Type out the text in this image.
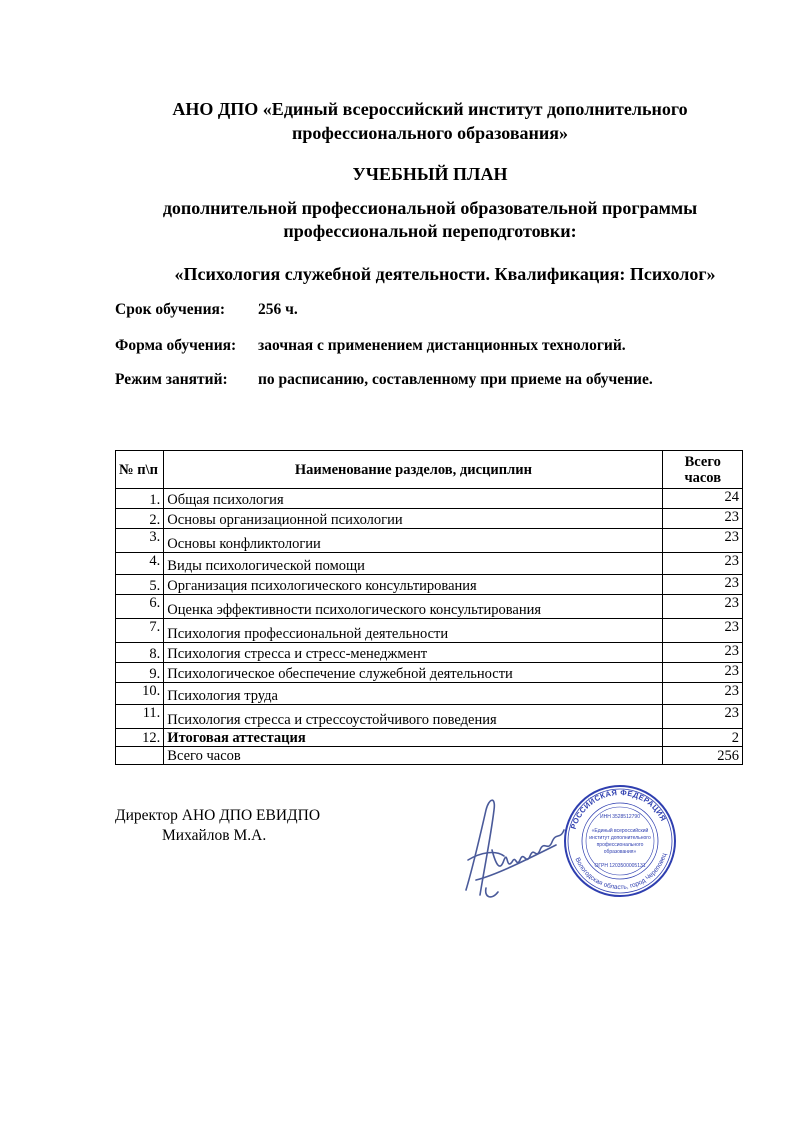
АНО ДПО «Единый всероссийский институт дополнительного
профессионального образования»
УЧЕБНЫЙ ПЛАН
дополнительной профессиональной образовательной программы
профессиональной переподготовки:
«Психология служебной деятельности. Квалификация: Психолог»
Срок обучения: 256 ч.
Форма обучения: заочная с применением дистанционных технологий.
Режим занятий: по расписанию, составленному при приеме на обучение.
№ п\п	Наименование разделов, дисциплин	Всего
часов

1.	Общая психология	24
2.	Основы организационной психологии	23
3.	Основы конфликтологии	23
4.	Виды психологической помощи	23
5.	Организация психологического консультирования	23
6.	Оценка эффективности психологического консультирования	23
7.	Психология профессиональной деятельности	23
8.	Психология стресса и стресс-менеджмент	23
9.	Психологическое обеспечение служебной деятельности	23
10.	Психология труда	23
11.	Психология стресса и стрессоустойчивого поведения	23
12.	Итоговая аттестация	2
	Всего часов	256
Директор АНО ДПО ЕВИДПО
Михайлов М.А.
РОССИЙСКАЯ ФЕДЕРАЦИЯ
Вологодская область, город Череповец
ИНН 3528512790
«Единый всероссийский
институт дополнительного
профессионального
образования»
ОГРН 1203500005131
